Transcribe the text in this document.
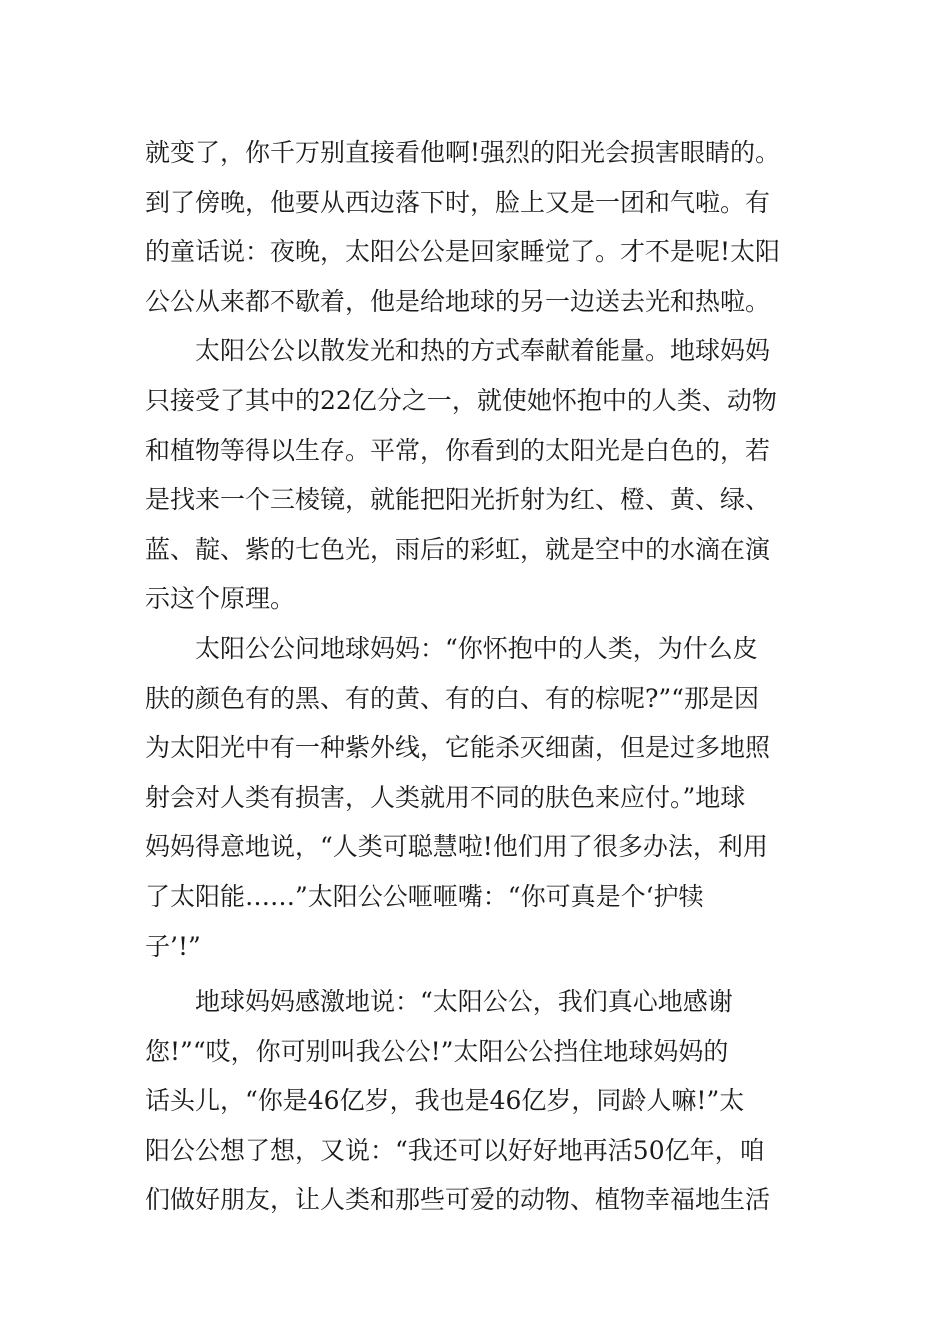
就变了，你千万别直接看他啊!强烈的阳光会损害眼睛的。
到了傍晚，他要从西边落下时，脸上又是一团和气啦。有
的童话说：夜晚，太阳公公是回家睡觉了。才不是呢!太阳
公公从来都不歇着，他是给地球的另一边送去光和热啦。
　　太阳公公以散发光和热的方式奉献着能量。地球妈妈
只接受了其中的22亿分之一，就使她怀抱中的人类、动物
和植物等得以生存。平常，你看到的太阳光是白色的，若
是找来一个三棱镜，就能把阳光折射为红、橙、黄、绿、
蓝、靛、紫的七色光，雨后的彩虹，就是空中的水滴在演
示这个原理。
　　太阳公公问地球妈妈：“你怀抱中的人类，为什么皮
肤的颜色有的黑、有的黄、有的白、有的棕呢?”“那是因
为太阳光中有一种紫外线，它能杀灭细菌，但是过多地照
射会对人类有损害，人类就用不同的肤色来应付。”地球
妈妈得意地说，“人类可聪慧啦!他们用了很多办法，利用
了太阳能……”太阳公公咂咂嘴：“你可真是个‘护犊
子’!”
　　地球妈妈感激地说：“太阳公公，我们真心地感谢
您!”“哎，你可别叫我公公!”太阳公公挡住地球妈妈的
话头儿，“你是46亿岁，我也是46亿岁，同龄人嘛!”太
阳公公想了想，又说：“我还可以好好地再活50亿年，咱
们做好朋友，让人类和那些可爱的动物、植物幸福地生活
